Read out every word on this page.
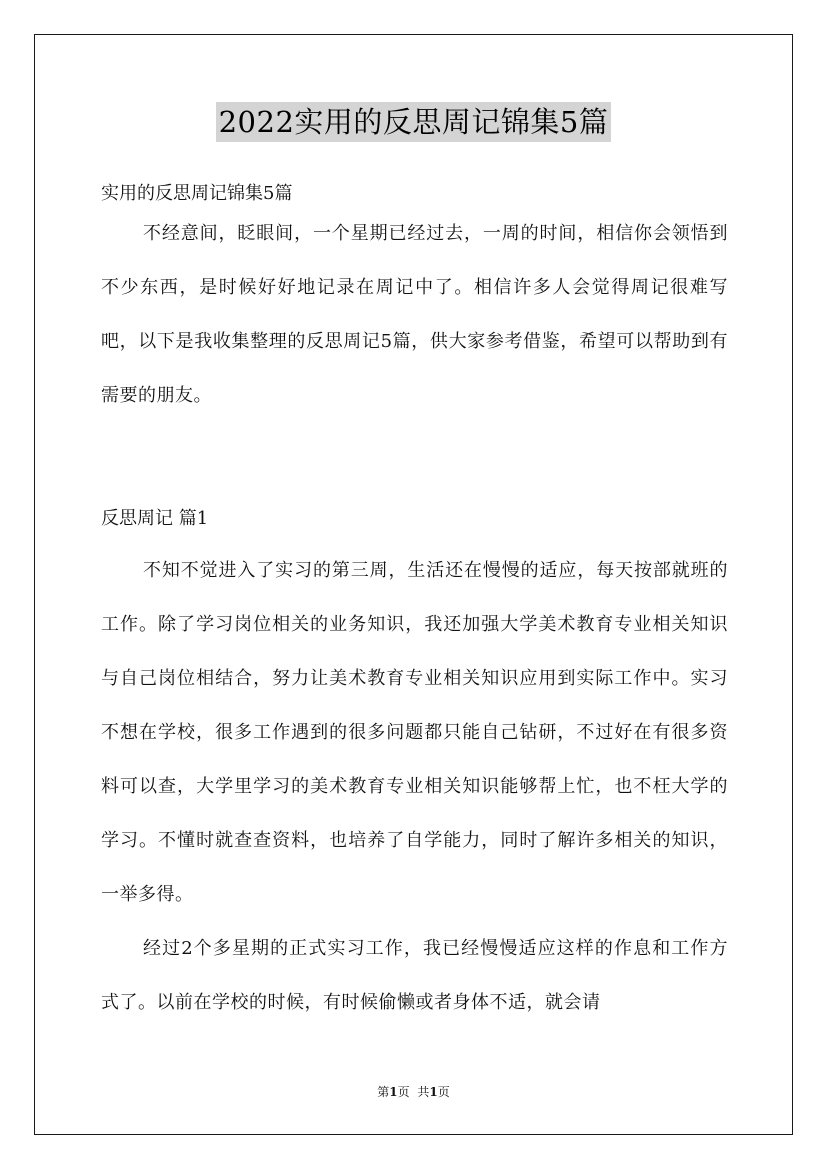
2022实用的反思周记锦集5篇
实用的反思周记锦集5篇

不经意间，眨眼间，一个星期已经过去，一周的时间，相信你会领悟到不少东西，是时候好好地记录在周记中了。相信许多人会觉得周记很难写吧，以下是我收集整理的反思周记5篇，供大家参考借鉴，希望可以帮助到有需要的朋友。

反思周记 篇1

不知不觉进入了实习的第三周，生活还在慢慢的适应，每天按部就班的工作。除了学习岗位相关的业务知识，我还加强大学美术教育专业相关知识与自己岗位相结合，努力让美术教育专业相关知识应用到实际工作中。实习不想在学校，很多工作遇到的很多问题都只能自己钻研，不过好在有很多资料可以查，大学里学习的美术教育专业相关知识能够帮上忙，也不枉大学的学习。不懂时就查查资料，也培养了自学能力，同时了解许多相关的知识，一举多得。

经过2个多星期的正式实习工作，我已经慢慢适应这样的作息和工作方式了。以前在学校的时候，有时候偷懒或者身体不适，就会请

第1页 共1页
